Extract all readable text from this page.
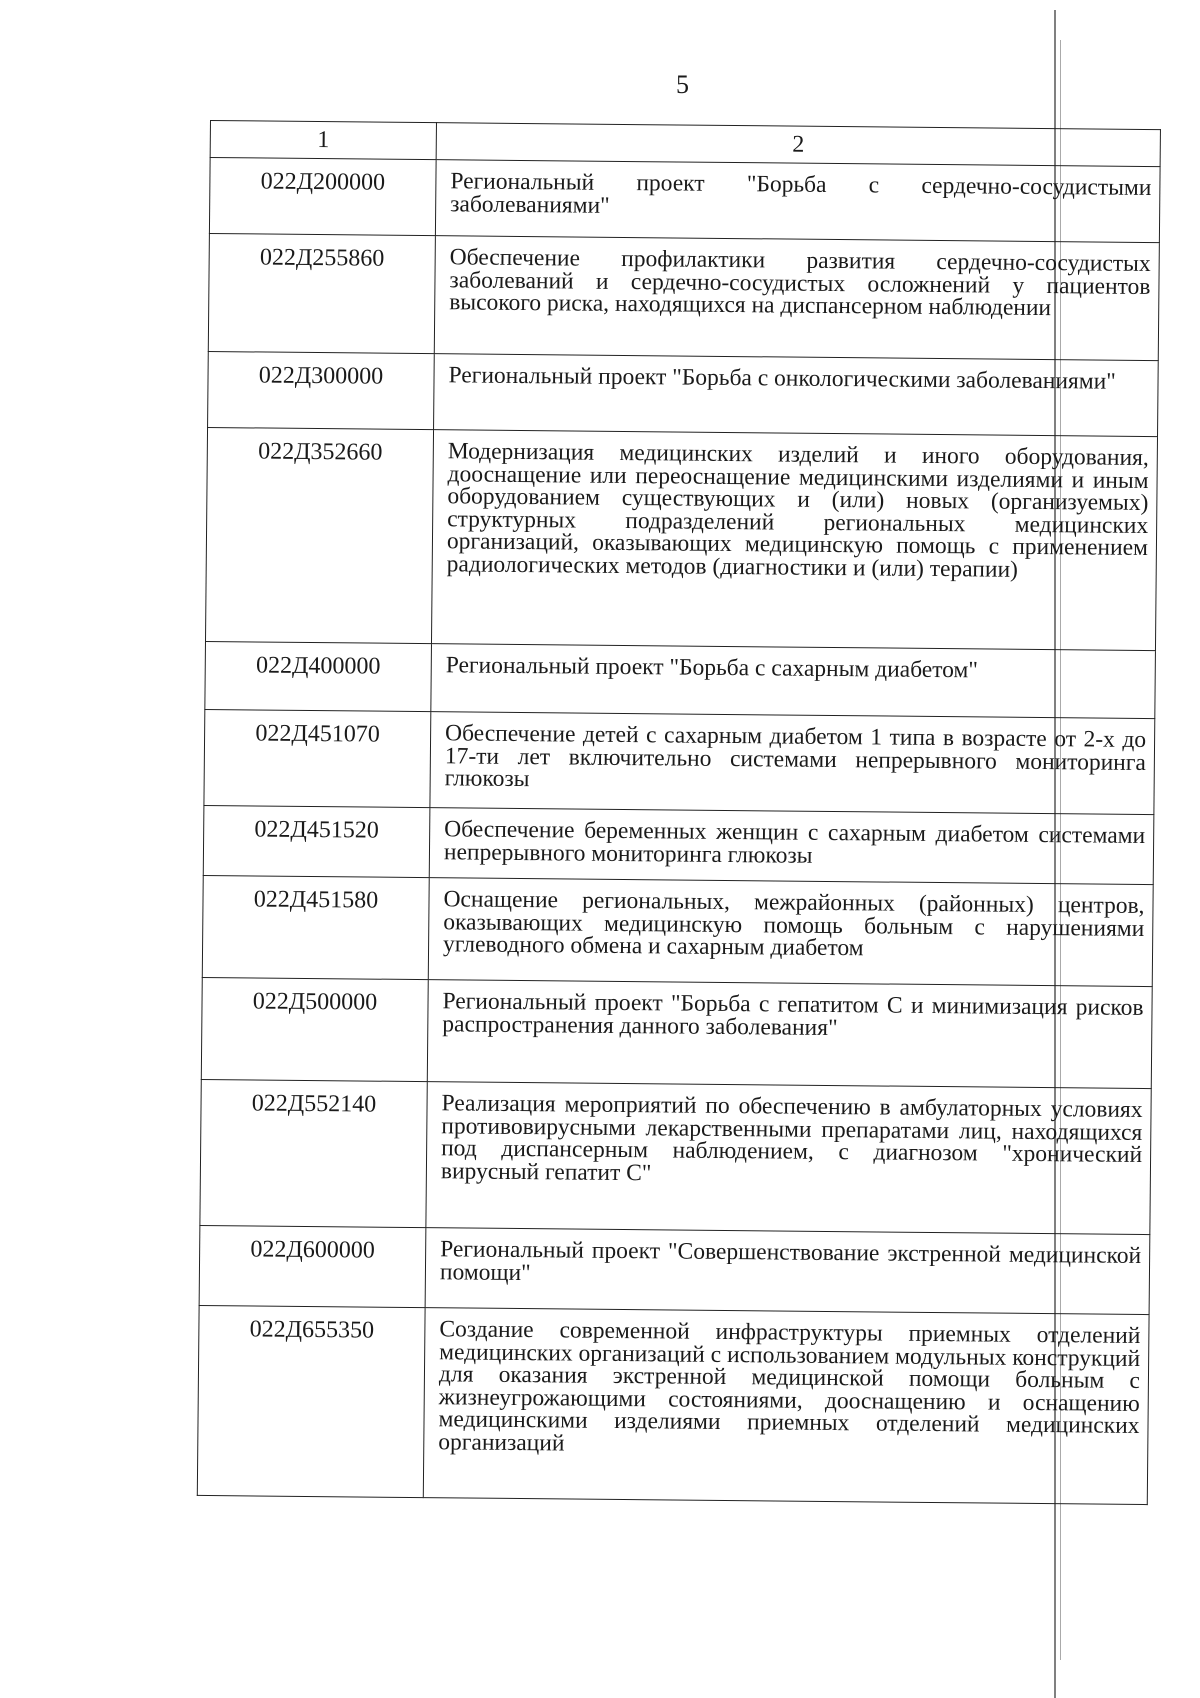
5
1	2
022Д200000	Региональный проект "Борьба с сердечно-сосудистыми заболеваниями"
022Д255860	Обеспечение профилактики развития сердечно-сосудистых заболеваний и сердечно-сосудистых осложнений у пациентов высокого риска, находящихся на диспансерном наблюдении
022Д300000	Региональный проект "Борьба с онкологическими заболеваниями"
022Д352660	Модернизация медицинских изделий и иного оборудования, дооснащение или переоснащение медицинскими изделиями и иным оборудованием существующих и (или) новых (организуемых) структурных подразделений региональных медицинских организаций, оказывающих медицинскую помощь с применением радиологических методов (диагностики и (или) терапии)
022Д400000	Региональный проект "Борьба с сахарным диабетом"
022Д451070	Обеспечение детей с сахарным диабетом 1 типа в возрасте от 2-х до 17-ти лет включительно системами непрерывного мониторинга глюкозы
022Д451520	Обеспечение беременных женщин с сахарным диабетом системами непрерывного мониторинга глюкозы
022Д451580	Оснащение региональных, межрайонных (районных) центров, оказывающих медицинскую помощь больным с нарушениями углеводного обмена и сахарным диабетом
022Д500000	Региональный проект "Борьба с гепатитом С и минимизация рисков распространения данного заболевания"
022Д552140	Реализация мероприятий по обеспечению в амбулаторных условиях противовирусными лекарственными препаратами лиц, находящихся под диспансерным наблюдением, с диагнозом "хронический вирусный гепатит С"
022Д600000	Региональный проект "Совершенствование экстренной медицинской помощи"
022Д655350	Создание современной инфраструктуры приемных отделений медицинских организаций с использованием модульных конструкций для оказания экстренной медицинской помощи больным с жизнеугрожающими состояниями, дооснащению и оснащению медицинскими изделиями приемных отделений медицинских организаций
